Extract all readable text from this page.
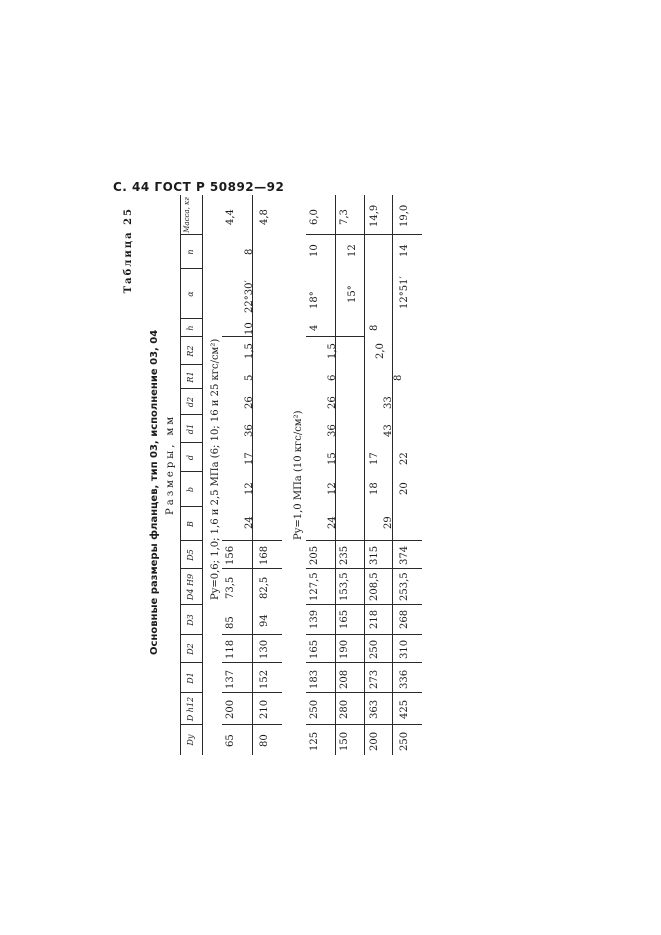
С. 44 ГОСТ Р 50892—92
Таблица 25
Основные размеры фланцев, тип 03, исполнение 03, 04 Размеры, мм
Dy
D h12
D1
D2
D3
D4 H9
D5
B
b
d
d1
d2
R1
R2
h
α
n
Масса, кг
Py=0,6; 1,0; 1,6 и 2,5 МПа (6; 10; 16 и 25 кгс/см²)
65
200
137
118
85
73,5
156
24
12
17
36
26
5
1,5
10
22°30′
8
4,4
80
210
152
130
94
82,5
168
4,8
Py=1,0 МПа (10 кгс/см²)
125
250
183
165
139
127,5
205
24
12
15
36
26
6
1,5
4
18°
10
6,0
150
280
208
190
165
153,5
235
15°
12
7,3
200
363
273
250
218
208,5
315
29
18
17
43
33
8
2,0
8
14,9
250
425
336
310
268
253,5
374
20
22
12°51′
14
19,0
